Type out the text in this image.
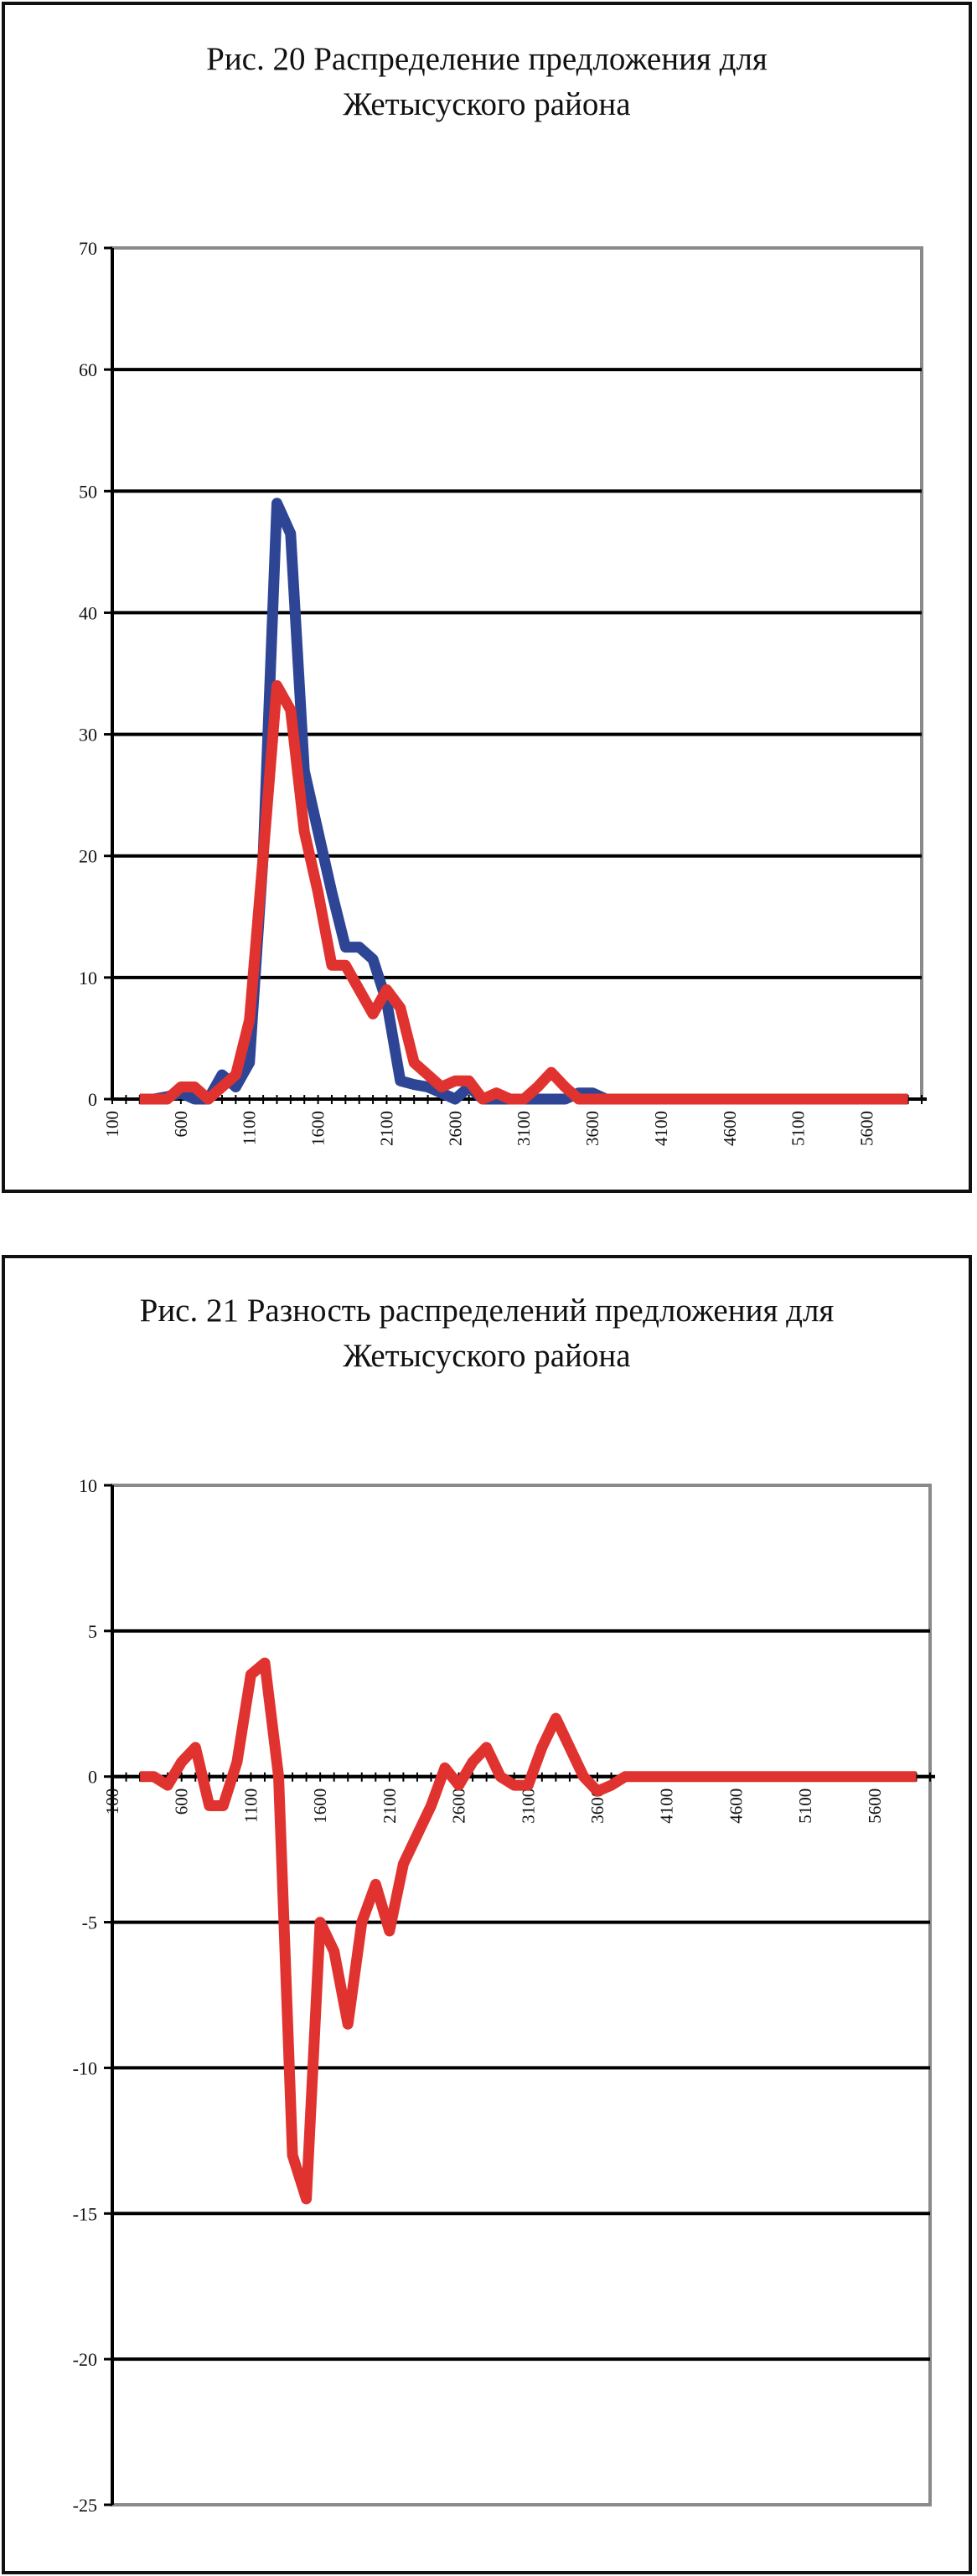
Рис. 20 Распределение предложения для
Жетысуского района
0
10
20
30
40
50
60
70
100	600	1100	1600	2100	2600	3100	3600	4100	4600	5100	5600
Рис. 21 Разность распределений предложения для
Жетысуского района
-25
-20
-15
-10
-5
0
5
10
100	600	1100	1600	2100	2600	3100	3600	4100	4600	5100	5600
